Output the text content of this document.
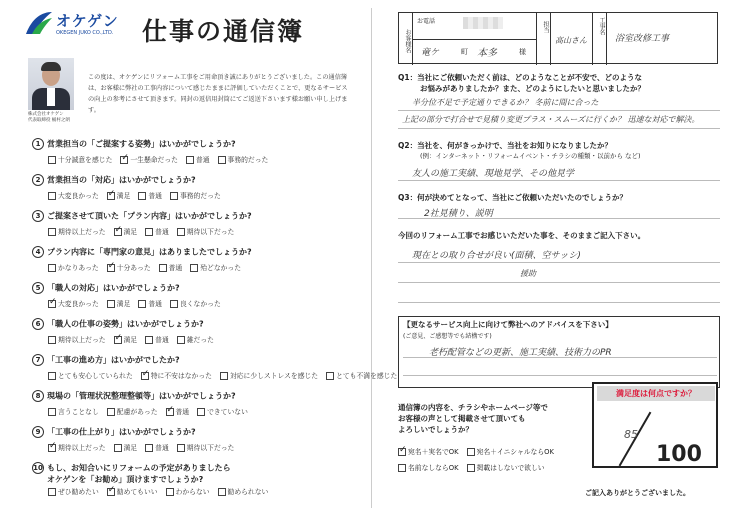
オケゲン
OKEGEN JUKO CO.,LTD. 仕事の通信簿
株式会社オケゲン
代表取締役 桶村之朗
この度は、オケゲンにリフォーム工事をご用命頂き誠にありがとうございました。この通信簿は、お客様に弊社の工事内容について感じたままに評価していただくことで、更なるサービスの向上の参考にさせて頂きます。同封の返信用封筒にてご返送下さいます様お願い申し上げます。
1 営業担当の「ご提案する姿勢」はいかがでしょうか?
十分誠意を感じた ✓	一生懸命だった	普通	事務的だった
2 営業担当の「対応」はいかがでしょうか?
大変良かった ✓	満足	普通	事務的だった
3 ご提案させて頂いた「プラン内容」はいかがでしょうか?
期待以上だった ✓	満足	普通	期待以下だった
4 プラン内容に「専門家の意見」はありましたでしょうか?
かなりあった ✓	十分あった	普通	殆どなかった
5 「職人の対応」はいかがでしょうか?
✓大変良かった	満足	普通	良くなかった
6 「職人の仕事の姿勢」はいかがでしょうか?
期待以上だった ✓	満足	普通	雑だった
7 「工事の進め方」はいかがでしたか?
とても安心していられた ✓	特に不安はなかった	対応に少しストレスを感じた	とても不満を感じた
8 現場の「管理状況整理整頓等」はいかがでしょうか?
言うことなし	配慮があった ✓	普通	できていない
9 「工事の仕上がり」はいかがでしょうか?
✓期待以上だった	満足	普通	期待以下だった
10 もし、お知合いにリフォームの予定がありましたら
オケゲンを「お勧め」頂けますでしょうか?
ぜひ勧めたい ✓	勧めてもいい	わからない	勧められない
お客様名
お電話
竜ケ	町 本多	様
担当
高山さん
工事名
浴室改修工事
Q1：当社にご依頼いただく前は、どのようなことが不安で、どのような
お悩みがありましたか？また、どのようにしたいと思いましたか？
半分位不足で予定通りできるか？ 冬前に間に合った
上記の部分で打合せで見積り変更プラス・スムーズに行くか？ 迅速な対応で解決。
Q2：当社を、何がきっかけで、当社をお知りになりましたか？
(例：インターネット・リフォームイベント・チラシの種類・以前から など)
友人の施工実績、現地見学、その他見学
Q3：何が決めてとなって、当社にご依頼いただいたのでしょうか？
2社見積り、説明
今回のリフォーム工事でお感じいただいた事を、そのままご記入下さい。
現在との取り合せが良い(面積、空サッシ)
援助
【更なるサービス向上に向けて弊社へのアドバイスを下さい】
(ご意見、ご感想等でも結構です)
老朽配管などの更新、施工実績、技術力のPR
通信簿の内容を、チラシやホームページ等で
お客様の声として掲載させて頂いても
よろしいでしょうか？
✓宛名＋実名でOK	宛名＋イニシャルならOK
名前なしならOK	掲載はしないで欲しい
満足度は何点ですか？
85
100
ご記入ありがとうございました。
